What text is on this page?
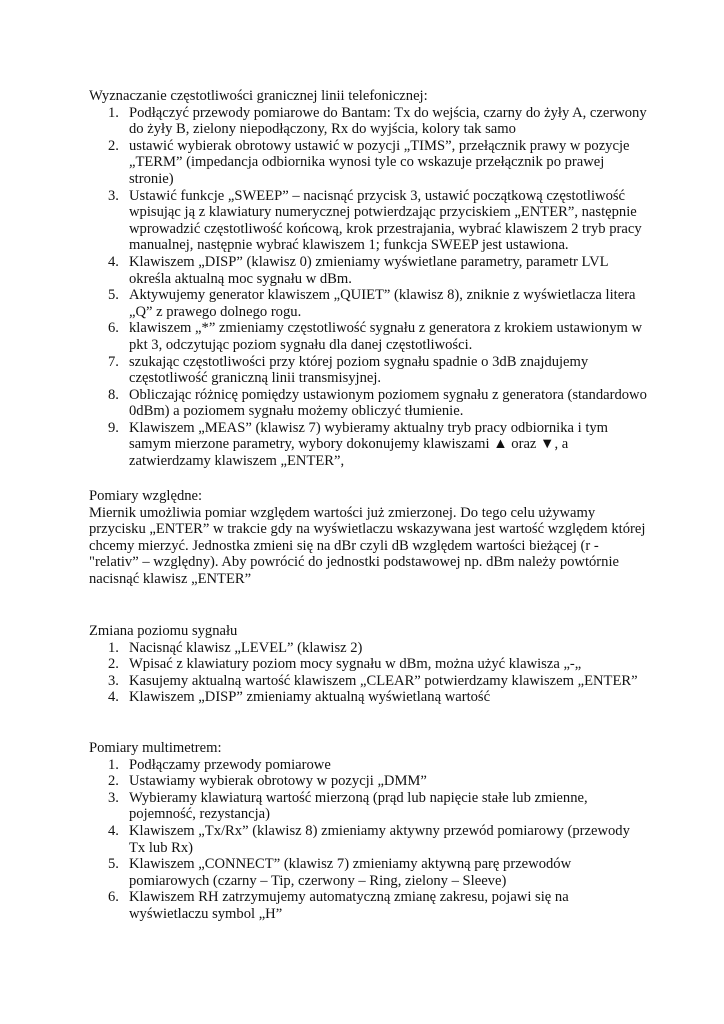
Wyznaczanie częstotliwości granicznej linii telefonicznej:

1. Podłączyć przewody pomiarowe do Bantam: Tx do wejścia, czarny do żyły A, czerwony do żyły B, zielony niepodłączony, Rx do wyjścia, kolory tak samo
2. ustawić wybierak obrotowy ustawić w pozycji „TIMS”, przełącznik prawy w pozycje „TERM” (impedancja odbiornika wynosi tyle co wskazuje przełącznik po prawej stronie)
3. Ustawić funkcje „SWEEP” – nacisnąć przycisk 3, ustawić początkową częstotliwość wpisując ją z klawiatury numerycznej potwierdzając przyciskiem „ENTER”, następnie wprowadzić częstotliwość końcową, krok przestrajania, wybrać klawiszem 2 tryb pracy manualnej, następnie wybrać klawiszem 1; funkcja SWEEP jest ustawiona.
4. Klawiszem „DISP” (klawisz 0) zmieniamy wyświetlane parametry, parametr LVL określa aktualną moc sygnału w dBm.
5. Aktywujemy generator klawiszem „QUIET” (klawisz 8), zniknie z wyświetlacza litera „Q” z prawego dolnego rogu.
6. klawiszem „*” zmieniamy częstotliwość sygnału z generatora z krokiem ustawionym w pkt 3, odczytując poziom sygnału dla danej częstotliwości.
7. szukając częstotliwości przy której poziom sygnału spadnie o 3dB znajdujemy częstotliwość graniczną linii transmisyjnej.
8. Obliczając różnicę pomiędzy ustawionym poziomem sygnału z generatora (standardowo 0dBm) a poziomem sygnału możemy obliczyć tłumienie.
9. Klawiszem „MEAS” (klawisz 7) wybieramy aktualny tryb pracy odbiornika i tym samym mierzone parametry, wybory dokonujemy klawiszami ▲ oraz ▼, a zatwierdzamy klawiszem „ENTER”,

Pomiary względne:

Miernik umożliwia pomiar względem wartości już zmierzonej. Do tego celu używamy przycisku „ENTER” w trakcie gdy na wyświetlaczu wskazywana jest wartość względem której chcemy mierzyć. Jednostka zmieni się na dBr czyli dB względem wartości bieżącej (r - "relativ” – względny). Aby powrócić do jednostki podstawowej np. dBm należy powtórnie nacisnąć klawisz „ENTER”

Zmiana poziomu sygnału

1. Nacisnąć klawisz „LEVEL” (klawisz 2)
2. Wpisać z klawiatury poziom mocy sygnału w dBm, można użyć klawisza „-„
3. Kasujemy aktualną wartość klawiszem „CLEAR” potwierdzamy klawiszem „ENTER”
4. Klawiszem „DISP” zmieniamy aktualną wyświetlaną wartość

Pomiary multimetrem:

1. Podłączamy przewody pomiarowe
2. Ustawiamy wybierak obrotowy w pozycji „DMM”
3. Wybieramy klawiaturą wartość mierzoną (prąd lub napięcie stałe lub zmienne, pojemność, rezystancja)
4. Klawiszem „Tx/Rx” (klawisz 8) zmieniamy aktywny przewód pomiarowy (przewody Tx lub Rx)
5. Klawiszem „CONNECT” (klawisz 7) zmieniamy aktywną parę przewodów pomiarowych (czarny – Tip, czerwony – Ring, zielony – Sleeve)
6. Klawiszem RH zatrzymujemy automatyczną zmianę zakresu, pojawi się na wyświetlaczu symbol „H”
